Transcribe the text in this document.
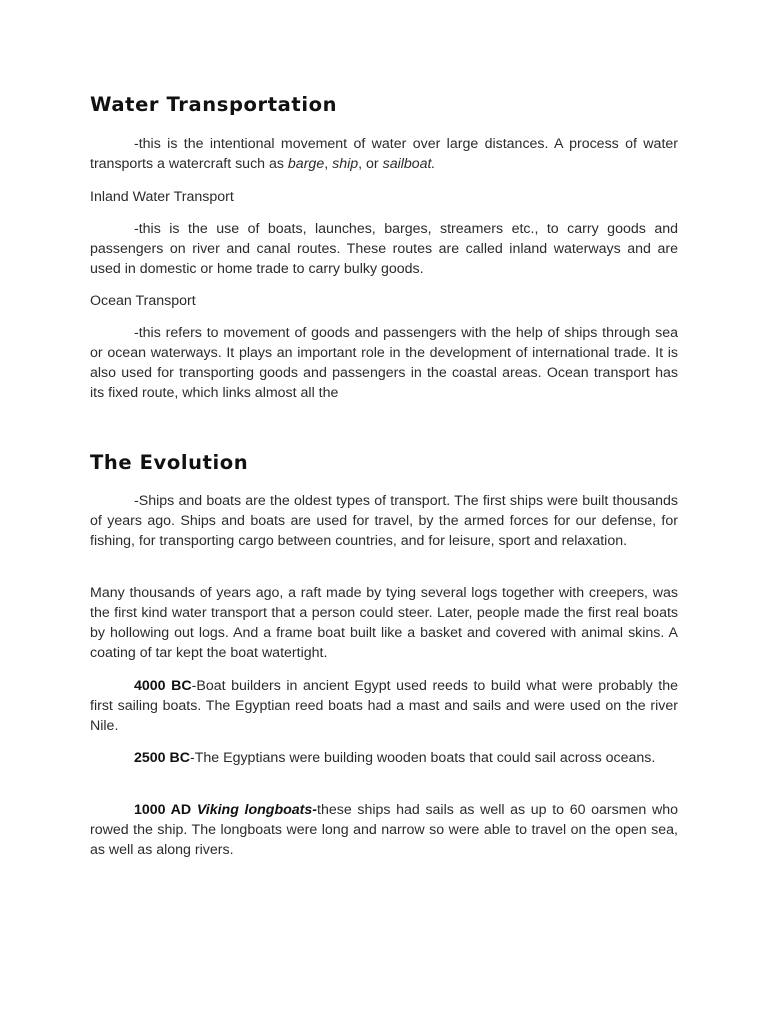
Water Transportation

-this is the intentional movement of water over large distances. A process of water transports a watercraft such as barge, ship, or sailboat.

Inland Water Transport

-this is the use of boats, launches, barges, streamers etc., to carry goods and passengers on river and canal routes. These routes are called inland waterways and are used in domestic or home trade to carry bulky goods.

Ocean Transport

-this refers to movement of goods and passengers with the help of ships through sea or ocean waterways. It plays an important role in the development of international trade. It is also used for transporting goods and passengers in the coastal areas. Ocean transport has its fixed route, which links almost all the

The Evolution

-Ships and boats are the oldest types of transport. The first ships were built thousands of years ago. Ships and boats are used for travel, by the armed forces for our defense, for fishing, for transporting cargo between countries, and for leisure, sport and relaxation.

Many thousands of years ago, a raft made by tying several logs together with creepers, was the first kind water transport that a person could steer. Later, people made the first real boats by hollowing out logs. And a frame boat built like a basket and covered with animal skins. A coating of tar kept the boat watertight.

4000 BC-Boat builders in ancient Egypt used reeds to build what were probably the first sailing boats. The Egyptian reed boats had a mast and sails and were used on the river Nile.

2500 BC-The Egyptians were building wooden boats that could sail across oceans.

1000 AD Viking longboats-these ships had sails as well as up to 60 oarsmen who rowed the ship. The longboats were long and narrow so were able to travel on the open sea, as well as along rivers.
